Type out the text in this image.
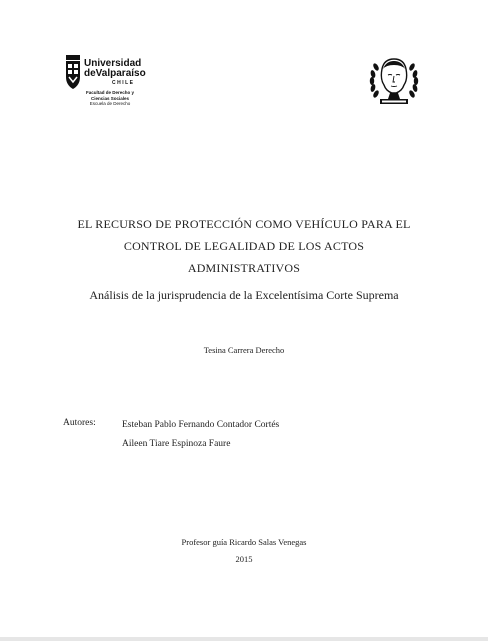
Universidad
deValparaíso
CHILE
Facultad de Derecho y
Ciencias Sociales
Escuela de Derecho
EL RECURSO DE PROTECCIÓN COMO VEHÍCULO PARA EL
CONTROL DE LEGALIDAD DE LOS ACTOS
ADMINISTRATIVOS
Análisis de la jurisprudencia de la Excelentísima Corte Suprema
Tesina Carrera Derecho
Autores:	Esteban Pablo Fernando Contador Cortés
Aileen Tiare Espinoza Faure
Profesor guía Ricardo Salas Venegas
2015
